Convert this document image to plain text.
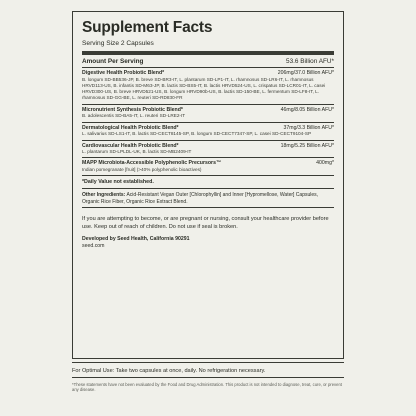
Supplement Facts
Serving Size 2 Capsules
Amount Per Serving	53.6 Billion AFU*
Digestive Health Probiotic Blend*	206mg/37.0 Billion AFU*
B. longum SD-BB536-JP, B. breve SD-BR3-IT, L. plantarum SD-LP1-IT, L. rhamnosus SD-LR6-IT, L. rhamnosus HRVD113-US, B. infantis SD-M63-JP, B. lactis SD-BS5-IT, B. lactis HRVD524-US, L. crispatus SD-LCR01-IT, L. casei HRVD300-US, B. breve HRVD521-US, B. longum HRVD90b-US, B. lactis SD-150-BE, L. fermentum SD-LF8-IT, L. rhamnosus SD-GG-BE, L. reuteri SD-RD830-FR
Micronutrient Synthesis Probiotic Blend*	46mg/8.05 Billion AFU*
B. adolescentis SD-BA5-IT, L. reuteri SD-LRE2-IT
Dermatological Health Probiotic Blend*	37mg/3.3 Billion AFU*
L. salivarius SD-LS1-IT, B. lactis SD-CECT8145-SP, B. longum SD-CECT7347-SP, L. casei SD-CECT9104-SP
Cardiovascular Health Probiotic Blend*	18mg/5.25 Billion AFU*
L. plantarum SD-LPLDL-UK, B. lactis SD-MB2409-IT
MAPP Microbiota-Accessible Polyphenolic Precursors™	400mg*
Indian pomegranate [fruit] (>40% polyphenolic bioactives)
*Daily Value not established.
Other Ingredients: Acid-Resistant Vegan Outer [Chlorophyllin] and Inner [Hypromellose, Water] Capsules, Organic Rice Fiber, Organic Rice Extract Blend.
If you are attempting to become, or are pregnant or nursing, consult your healthcare provider before use. Keep out of reach of children. Do not use if seal is broken.
Developed by Seed Health, California 90291
seed.com
For Optimal Use: Take two capsules at once, daily. No refrigeration necessary.
*These statements have not been evaluated by the Food and Drug Administration. This product is not intended to diagnose, treat, cure, or prevent any disease.
